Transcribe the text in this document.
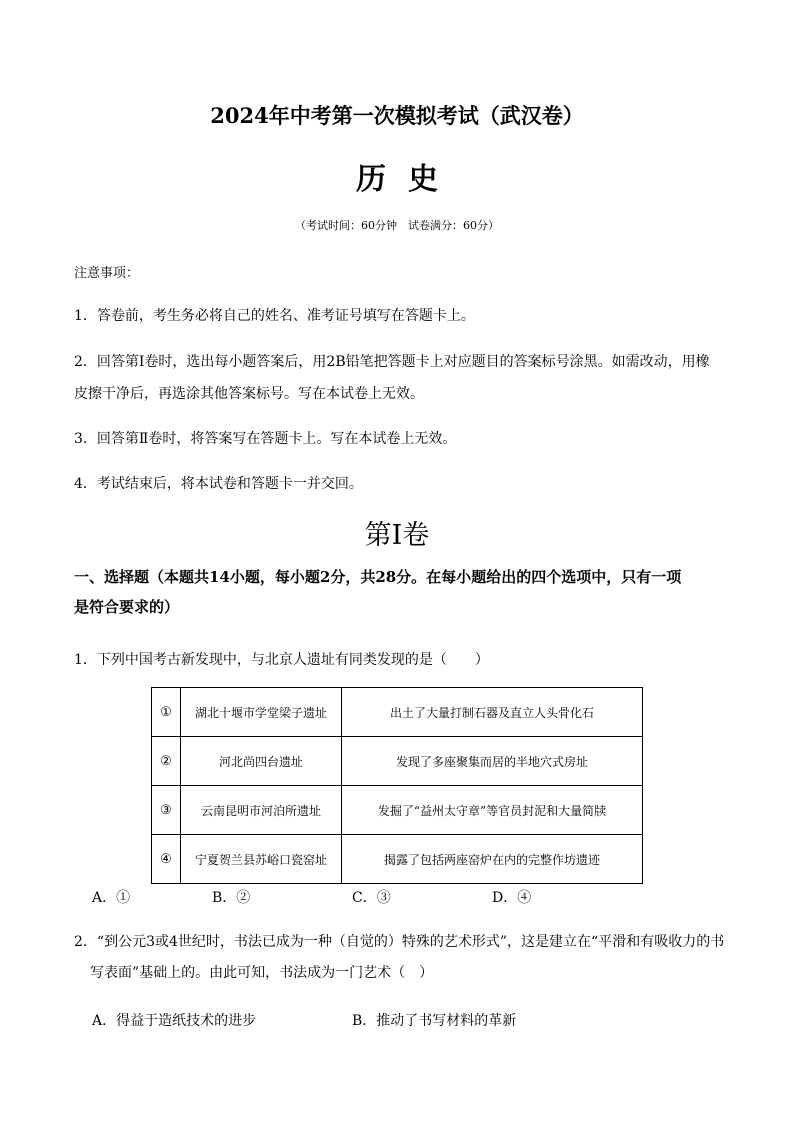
2024年中考第一次模拟考试（武汉卷）
历史
（考试时间：60分钟　试卷满分：60分）
注意事项：
1．答卷前，考生务必将自己的姓名、准考证号填写在答题卡上。
2．回答第Ⅰ卷时，选出每小题答案后，用2B铅笔把答题卡上对应题目的答案标号涂黑。如需改动，用橡
皮擦干净后，再选涂其他答案标号。写在本试卷上无效。
3．回答第Ⅱ卷时，将答案写在答题卡上。写在本试卷上无效。
4．考试结束后，将本试卷和答题卡一并交回。
第Ⅰ卷
一、选择题（本题共14小题，每小题2分，共28分。在每小题给出的四个选项中，只有一项
是符合要求的）
1．下列中国考古新发现中，与北京人遗址有同类发现的是（　　）
①	湖北十堰市学堂梁子遗址	出土了大量打制石器及直立人头骨化石
②	河北尚四台遗址	发现了多座聚集而居的半地穴式房址
③	云南昆明市河泊所遗址	发掘了“益州太守章”等官员封泥和大量简牍
④	宁夏贺兰县苏峪口瓷窑址	揭露了包括两座窑炉在内的完整作坊遗迹
A．①	B．②	C．③	D．④
2．“到公元3或4世纪时，书法已成为一种（自觉的）特殊的艺术形式”，这是建立在“平滑和有吸收力的书
写表面”基础上的。由此可知，书法成为一门艺术（　）
A．得益于造纸技术的进步	B．推动了书写材料的革新
